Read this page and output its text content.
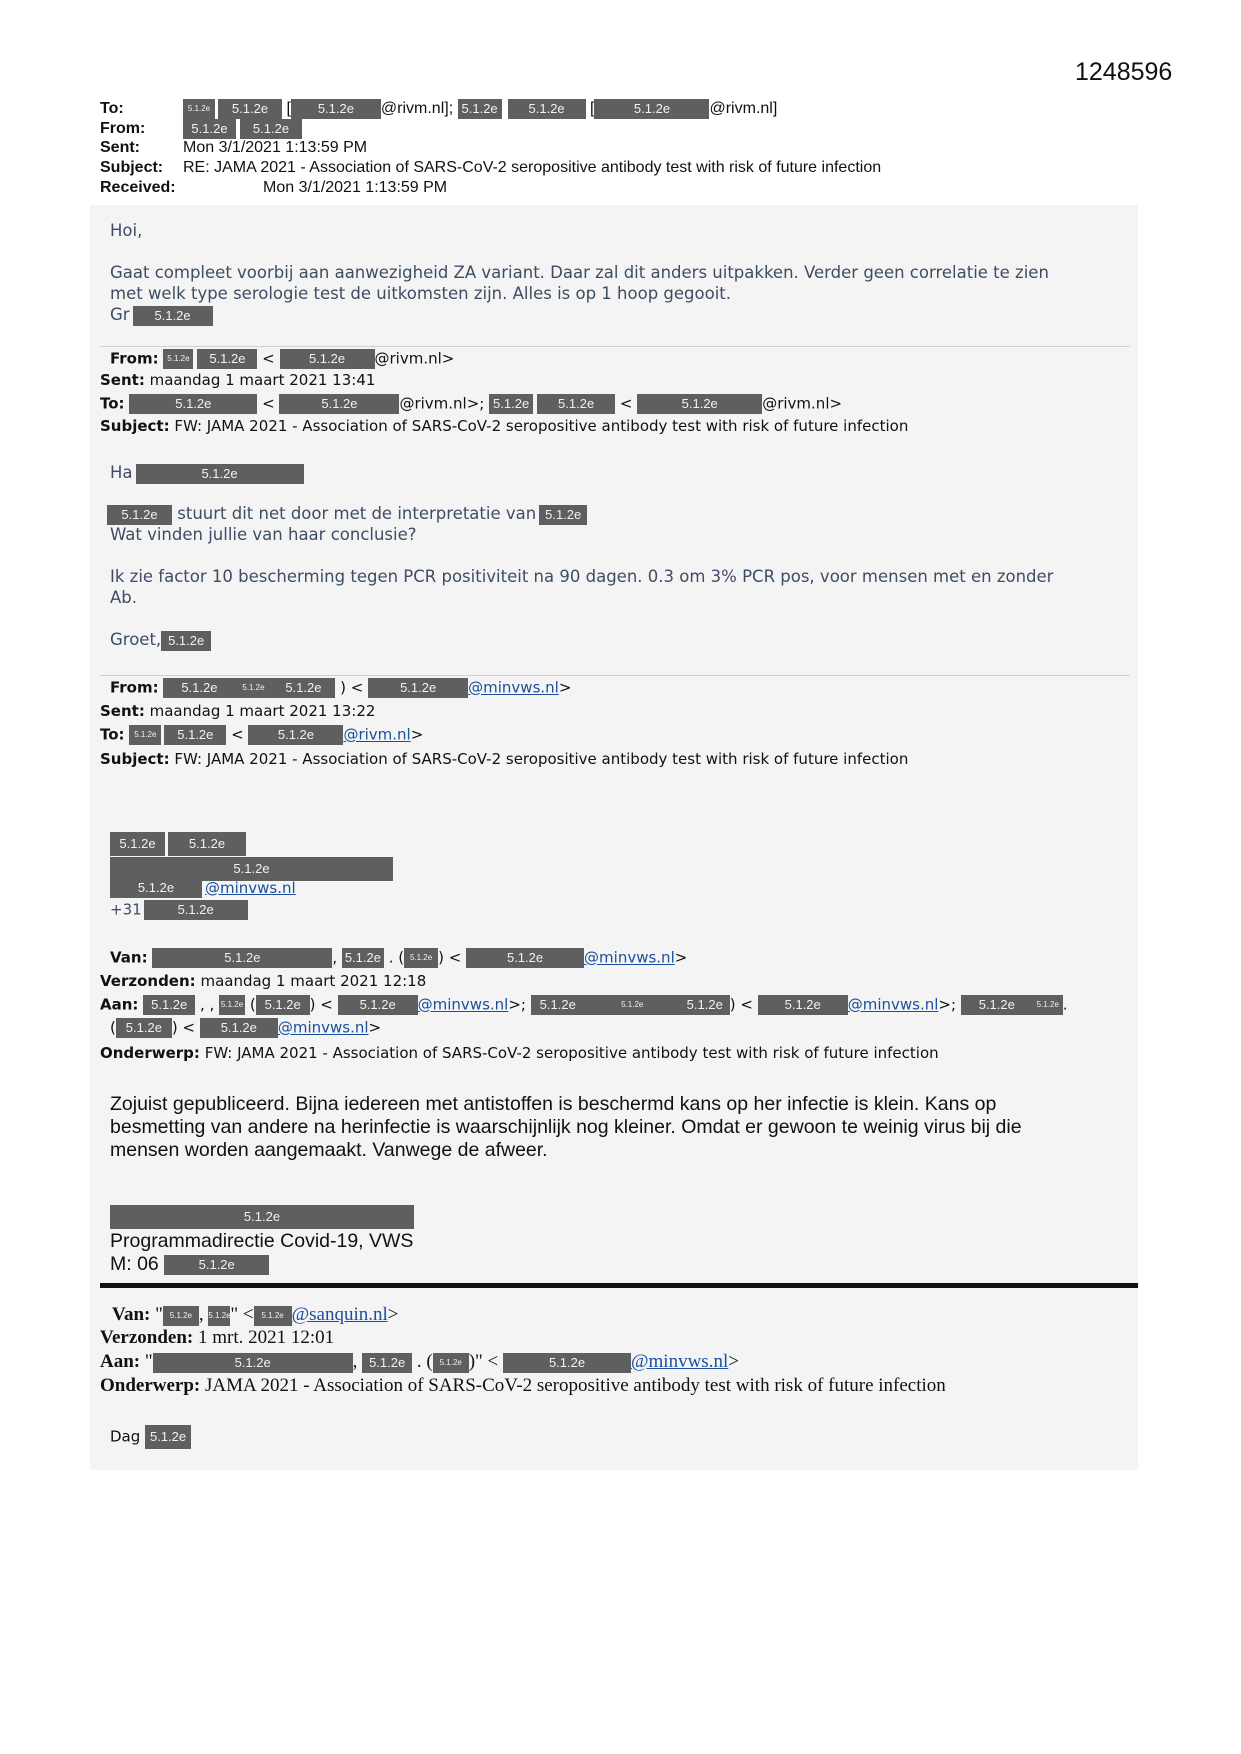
1248596
To:	5.1.2e 5.1.2e [ 5.1.2e @rivm.nl]; 5.1.2e 5.1.2e [	5.1.2e @rivm.nl]
From:	5.1.2e 5.1.2e
Sent:	Mon 3/1/2021 1:13:59 PM
Subject: RE: JAMA 2021 - Association of SARS-CoV-2 seropositive antibody test with risk of future infection
Received:	Mon 3/1/2021 1:13:59 PM
Hoi,
Gaat compleet voorbij aan aanwezigheid ZA variant. Daar zal dit anders uitpakken. Verder geen correlatie te zien
met welk type serologie test de uitkomsten zijn. Alles is op 1 hoop gegooit.
Gr 5.1.2e
From: 5.1.2e 5.1.2e < 5.1.2e @rivm.nl>
Sent: maandag 1 maart 2021 13:41
To:	5.1.2e	<	5.1.2e	@rivm.nl>; 5.1.2e 5.1.2e <	5.1.2e	@rivm.nl>
Subject: FW: JAMA 2021 - Association of SARS-CoV-2 seropositive antibody test with risk of future infection
Ha	5.1.2e
5.1.2e stuurt dit net door met de interpretatie van 5.1.2e
Wat vinden jullie van haar conclusie?
Ik zie factor 10 bescherming tegen PCR positiviteit na 90 dagen. 0.3 om 3% PCR pos, voor mensen met en zonder
Ab.
Groet, 5.1.2e
From: 5.1.2e	5.1.2e 5.1.2e ) < 5.1.2e @minvws.nl>
Sent: maandag 1 maart 2021 13:22
To: 5.1.2e 5.1.2e < 5.1.2e @rivm.nl>
Subject: FW: JAMA 2021 - Association of SARS-CoV-2 seropositive antibody test with risk of future infection
5.1.2e	5.1.2e
5.1.2e
5.1.2e @minvws.nl
+31	5.1.2e
Van:	5.1.2e	, 5.1.2e . ( 5.1.2e ) <	5.1.2e	@minvws.nl>
Verzonden: maandag 1 maart 2021 12:18
Aan: 5.1.2e , , 5.1.2e ( 5.1.2e ) < 5.1.2e @minvws.nl>; 5.1.2e	5.1.2e	5.1.2e ) < 5.1.2e @minvws.nl>; 5.1.2e	5.1.2e .
( 5.1.2e ) < 5.1.2e @minvws.nl>
Onderwerp: FW: JAMA 2021 - Association of SARS-CoV-2 seropositive antibody test with risk of future infection
Zojuist gepubliceerd. Bijna iedereen met antistoffen is beschermd kans op her infectie is klein. Kans op
besmetting van andere na herinfectie is waarschijnlijk nog kleiner. Omdat er gewoon te weinig virus bij die
mensen worden aangemaakt. Vanwege de afweer.
5.1.2e
Programmadirectie Covid-19, VWS
M: 06	5.1.2e
Van: " 5.1.2e , 5.1.2e" < 5.1.2e @sanquin.nl>
Verzonden: 1 mrt. 2021 12:01
Aan: "	5.1.2e	, 5.1.2e . ( 5.1.2e )" <	5.1.2e @minvws.nl>
Onderwerp: JAMA 2021 - Association of SARS-CoV-2 seropositive antibody test with risk of future infection
Dag 5.1.2e
